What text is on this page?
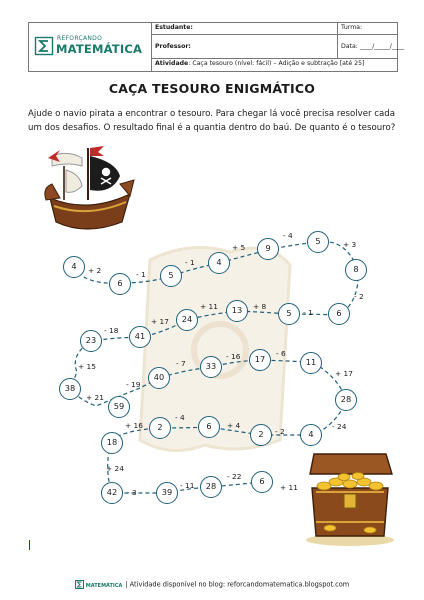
REFORÇANDO
MATEMÁTICA
Estudante:	Turma:
Professor:	Data: ____/_____/____
Atividade: Caça tesouro (nível: fácil) – Adição e subtração [até 25]
CAÇA TESOURO ENIGMÁTICO
Ajude o navio pirata a encontrar o tesouro. Para chegar lá você precisa resolver cada um dos desafios. O resultado final é a quantia dentro do baú. De quanto é o tesouro?
4
6
5
4
9
5
8
6
5
13
24
41
23
38
59
40
33
17	11
28
4
2
6
2
18
42	39
28	6
+ 2	- 1
- 1
+ 5
- 4
+ 3
- 2
- 1
+ 8
+ 11
+ 17
- 18
+ 15
+ 21
- 19
- 7
- 16	- 6
+ 17
- 24
- 2
+ 4
- 4
+ 16
+ 24
- 3
- 11
- 22
+ 11
MATEMÁTICA | Atividade disponível no blog: reforcandomatematica.blogspot.com
